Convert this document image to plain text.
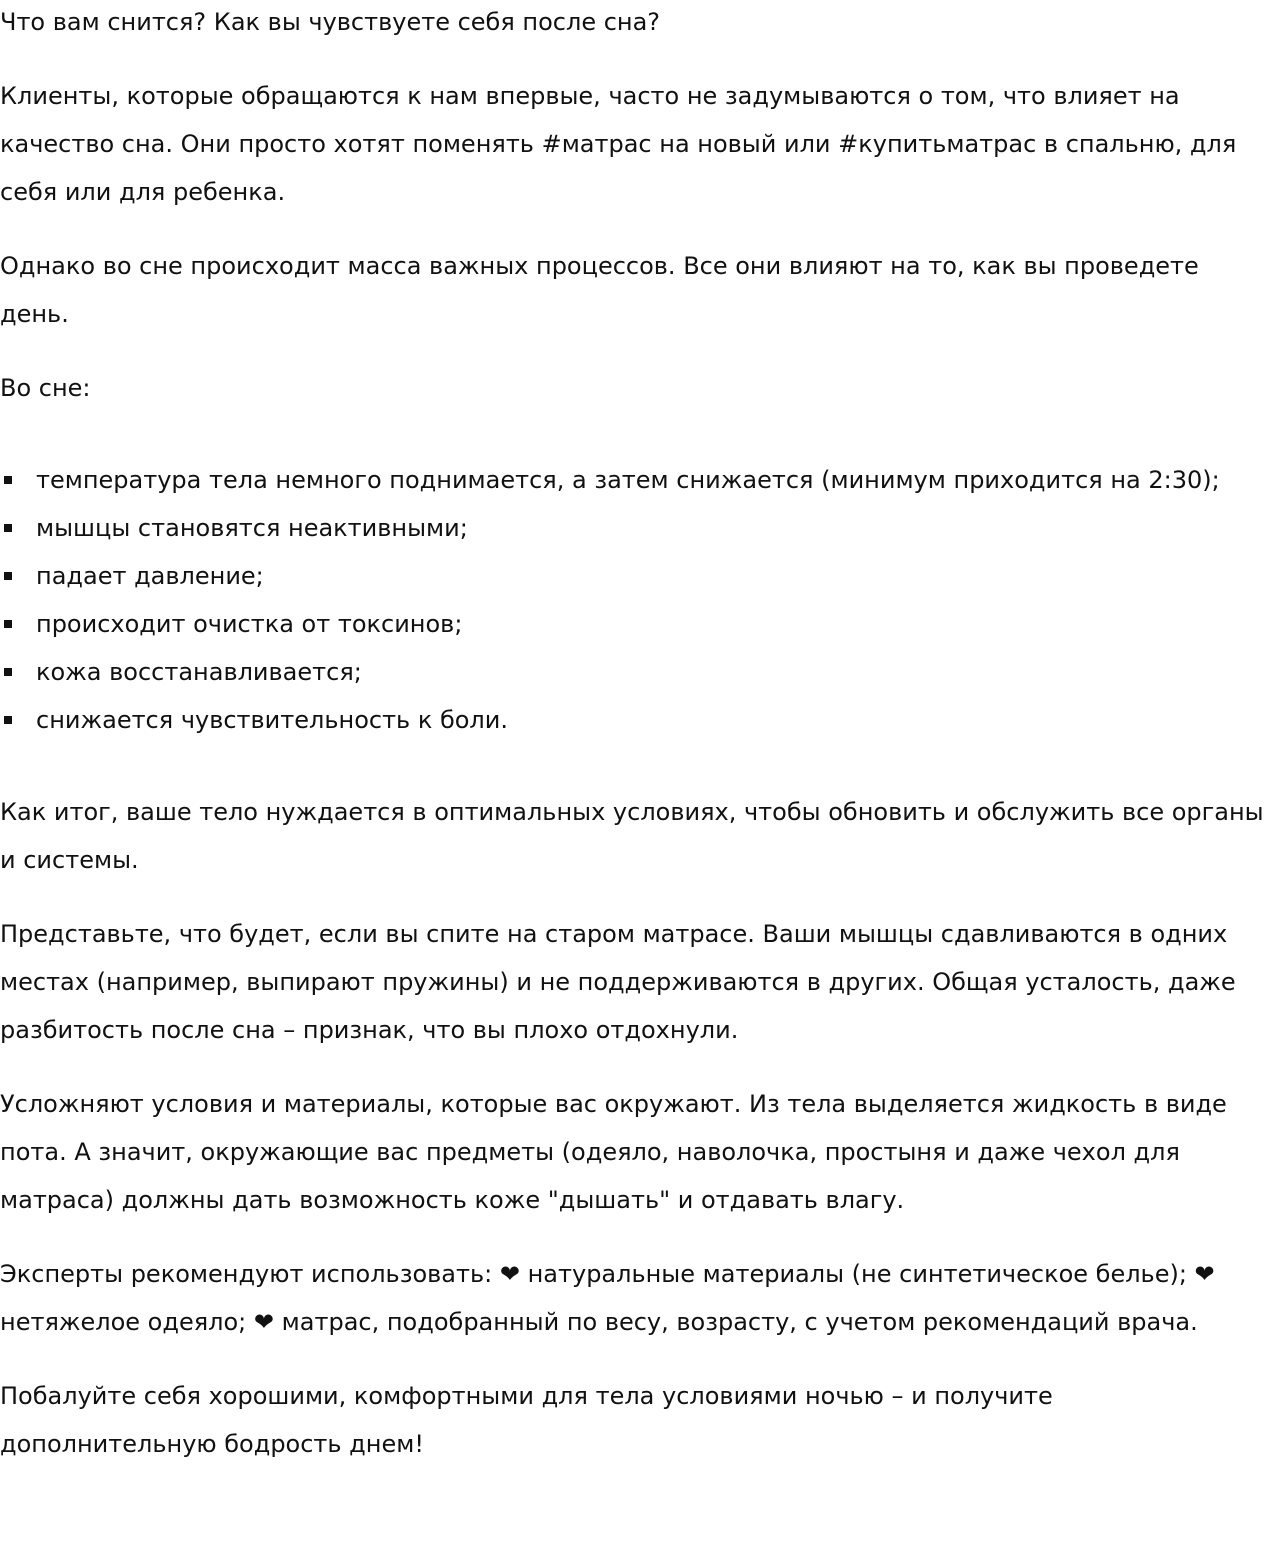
Что вам снится? Как вы чувствуете себя после сна?

Клиенты, которые обращаются к нам впервые, часто не задумываются о том, что влияет на качество сна. Они просто хотят поменять #матрас на новый или #купитьматрас в спальню, для себя или для ребенка.

Однако во сне происходит масса важных процессов. Все они влияют на то, как вы проведете день.

Во сне:

температура тела немного поднимается, а затем снижается (минимум приходится на 2:30);
мышцы становятся неактивными;
падает давление;
происходит очистка от токсинов;
кожа восстанавливается;
снижается чувствительность к боли.

Как итог, ваше тело нуждается в оптимальных условиях, чтобы обновить и обслужить все органы и системы.

Представьте, что будет, если вы спите на старом матрасе. Ваши мышцы сдавливаются в одних местах (например, выпирают пружины) и не поддерживаются в других. Общая усталость, даже разбитость после сна – признак, что вы плохо отдохнули.

Усложняют условия и материалы, которые вас окружают. Из тела выделяется жидкость в виде пота. А значит, окружающие вас предметы (одеяло, наволочка, простыня и даже чехол для матраса) должны дать возможность коже "дышать" и отдавать влагу.

Эксперты рекомендуют использовать: ❤ натуральные материалы (не синтетическое белье); ❤ нетяжелое одеяло; ❤ матрас, подобранный по весу, возрасту, с учетом рекомендаций врача.

Побалуйте себя хорошими, комфортными для тела условиями ночью – и получите дополнительную бодрость днем!
